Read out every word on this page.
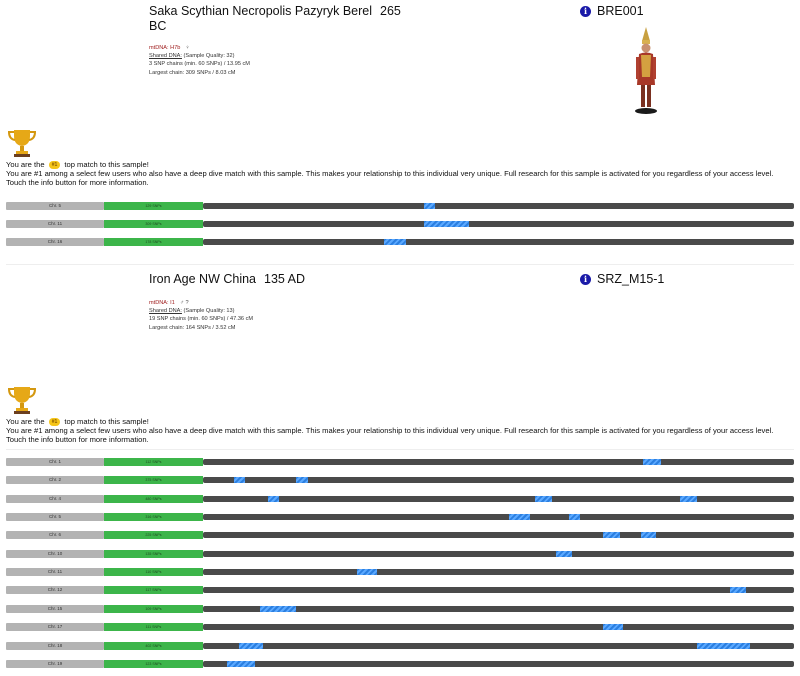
Saka Scythian Necropolis Pazyryk Berel 265 BC
i BRE001
mtDNA: H7b ♀
Shared DNA: (Sample Quality: 32)
3 SNP chains (min. 60 SNPs) / 13.95 cM
Largest chain: 309 SNPs / 8.03 cM
You are the #1 top match to this sample!
You are #1 among a select few users who also have a deep dive match with this sample. This makes your relationship to this individual very unique. Full research for this sample is activated for you regardless of your access level. Touch the info button for more information.
Chr. 5	129 SNPs
Chr. 11	309 SNPs
Chr. 16	178 SNPs
Iron Age NW China 135 AD	i SRZ_M15-1
mtDNA: I1 ♂ ?
Shared DNA: (Sample Quality: 13)
19 SNP chains (min. 60 SNPs) / 47.36 cM
Largest chain: 164 SNPs / 3.52 cM
You are the #1 top match to this sample!
You are #1 among a select few users who also have a deep dive match with this sample. This makes your relationship to this individual very unique. Full research for this sample is activated for you regardless of your access level. Touch the info button for more information.
Chr. 1	112 SNPs
Chr. 2	375 SNPs
Chr. 4	480 SNPs
Chr. 5	316 SNPs
Chr. 6	225 SNPs
Chr. 10	135 SNPs
Chr. 11	110 SNPs
Chr. 12	117 SNPs
Chr. 15	109 SNPs
Chr. 17	111 SNPs
Chr. 18	402 SNPs
Chr. 19	123 SNPs
